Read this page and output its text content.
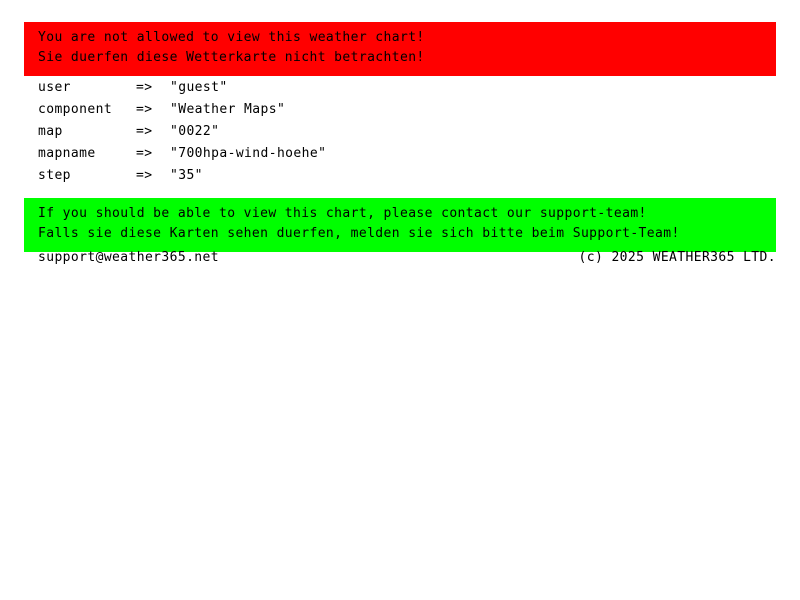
You are not allowed to view this weather chart!
Sie duerfen diese Wetterkarte nicht betrachten!
user	=>	"guest"
component	=>	"Weather Maps"
map	=>	"0022"
mapname	=>	"700hpa-wind-hoehe"
step	=>	"35"
If you should be able to view this chart, please contact our support-team!
Falls sie diese Karten sehen duerfen, melden sie sich bitte beim Support-Team!
support@weather365.net	(c) 2025 WEATHER365 LTD.
